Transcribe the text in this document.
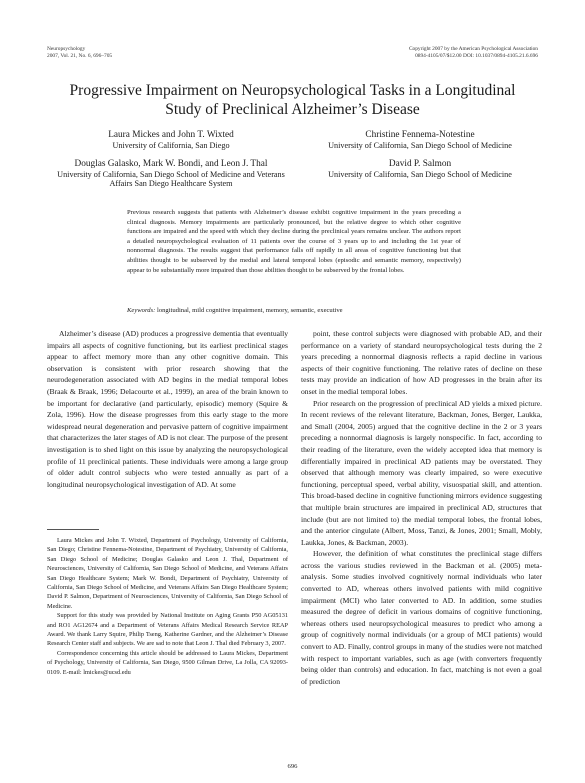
Neuropsychology
2007, Vol. 21, No. 6, 696–705
Copyright 2007 by the American Psychological Association
0894-4105/07/$12.00 DOI: 10.1037/0894-4105.21.6.696
Progressive Impairment on Neuropsychological Tasks in a Longitudinal Study of Preclinical Alzheimer’s Disease
Laura Mickes and John T. Wixted
University of California, San Diego
Christine Fennema-Notestine
University of California, San Diego School of Medicine
Douglas Galasko, Mark W. Bondi, and Leon J. Thal
University of California, San Diego School of Medicine and Veterans Affairs San Diego Healthcare System
David P. Salmon
University of California, San Diego School of Medicine
Previous research suggests that patients with Alzheimer’s disease exhibit cognitive impairment in the years preceding a clinical diagnosis. Memory impairments are particularly pronounced, but the relative degree to which other cognitive functions are impaired and the speed with which they decline during the preclinical years remains unclear. The authors report a detailed neuropsychological evaluation of 11 patients over the course of 3 years up to and including the 1st year of nonnormal diagnosis. The results suggest that performance falls off rapidly in all areas of cognitive functioning but that abilities thought to be subserved by the medial and lateral temporal lobes (episodic and semantic memory, respectively) appear to be substantially more impaired than those abilities thought to be subserved by the frontal lobes.
Keywords: longitudinal, mild cognitive impairment, memory, semantic, executive

Alzheimer’s disease (AD) produces a progressive dementia that eventually impairs all aspects of cognitive functioning, but its earliest preclinical stages appear to affect memory more than any other cognitive domain. This observation is consistent with prior research showing that the neurodegeneration associated with AD begins in the medial temporal lobes (Braak & Braak, 1996; Delacourte et al., 1999), an area of the brain known to be important for declarative (and particularly, episodic) memory (Squire & Zola, 1996). How the disease progresses from this early stage to the more widespread neural degeneration and pervasive pattern of cognitive impairment that characterizes the later stages of AD is not clear. The purpose of the present investigation is to shed light on this issue by analyzing the neuropsychological profile of 11 preclinical patients. These individuals were among a large group of older adult control subjects who were tested annually as part of a longitudinal neuropsychological investigation of AD. At some

point, these control subjects were diagnosed with probable AD, and their performance on a variety of standard neuropsychological tests during the 2 years preceding a nonnormal diagnosis reflects a rapid decline in various aspects of their cognitive functioning. The relative rates of decline on these tests may provide an indication of how AD progresses in the brain after its onset in the medial temporal lobes.

Prior research on the progression of preclinical AD yields a mixed picture. In recent reviews of the relevant literature, Backman, Jones, Berger, Laukka, and Small (2004, 2005) argued that the cognitive decline in the 2 or 3 years preceding a nonnormal diagnosis is largely nonspecific. In fact, according to their reading of the literature, even the widely accepted idea that memory is differentially impaired in preclinical AD patients may be overstated. They observed that although memory was clearly impaired, so were executive functioning, perceptual speed, verbal ability, visuospatial skill, and attention. This broad-based decline in cognitive functioning mirrors evidence suggesting that multiple brain structures are impaired in preclinical AD, structures that include (but are not limited to) the medial temporal lobes, the frontal lobes, and the anterior cingulate (Albert, Moss, Tanzi, & Jones, 2001; Small, Mobly, Laukka, Jones, & Backman, 2003).

However, the definition of what constitutes the preclinical stage differs across the various studies reviewed in the Backman et al. (2005) meta-analysis. Some studies involved cognitively normal individuals who later converted to AD, whereas others involved patients with mild cognitive impairment (MCI) who later converted to AD. In addition, some studies measured the degree of deficit in various domains of cognitive functioning, whereas others used neuropsychological measures to predict who among a group of cognitively normal individuals (or a group of MCI patients) would convert to AD. Finally, control groups in many of the studies were not matched with respect to important variables, such as age (with converters frequently being older than controls) and education. In fact, matching is not even a goal of prediction

Laura Mickes and John T. Wixted, Department of Psychology, University of California, San Diego; Christine Fennema-Notestine, Department of Psychiatry, University of California, San Diego School of Medicine; Douglas Galasko and Leon J. Thal, Department of Neurosciences, University of California, San Diego School of Medicine, and Veterans Affairs San Diego Healthcare System; Mark W. Bondi, Department of Psychiatry, University of California, San Diego School of Medicine, and Veterans Affairs San Diego Healthcare System; David P. Salmon, Department of Neurosciences, University of California, San Diego School of Medicine.

Support for this study was provided by National Institute on Aging Grants P50 AG05131 and RO1 AG12674 and a Department of Veterans Affairs Medical Research Service REAP Award. We thank Larry Squire, Philip Tseng, Katherine Gardner, and the Alzheimer’s Disease Research Center staff and subjects. We are sad to note that Leon J. Thal died February 3, 2007.

Correspondence concerning this article should be addressed to Laura Mickes, Department of Psychology, University of California, San Diego, 9500 Gilman Drive, La Jolla, CA 92093-0109. E-mail: lmickes@ucsd.edu

696
